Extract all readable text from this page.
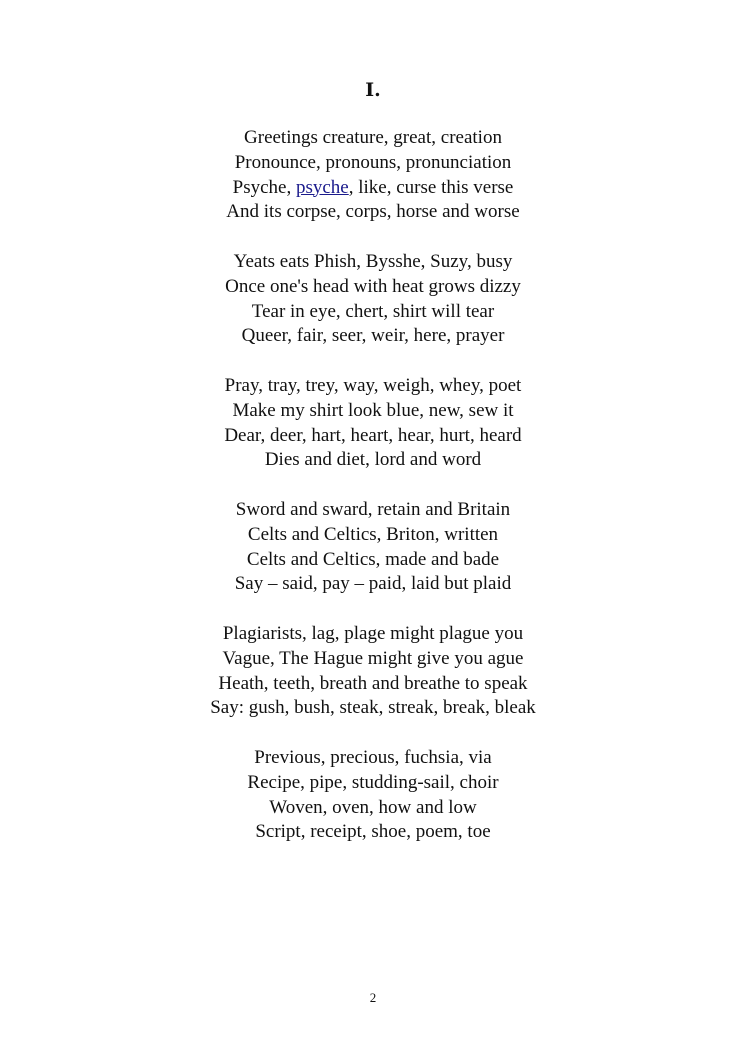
I.
Greetings creature, great, creation
Pronounce, pronouns, pronunciation
Psyche, psyche, like, curse this verse
And its corpse, corps, horse and worse
Yeats eats Phish, Bysshe, Suzy, busy
Once one's head with heat grows dizzy
Tear in eye, chert, shirt will tear
Queer, fair, seer, weir, here, prayer
Pray, tray, trey, way, weigh, whey, poet
Make my shirt look blue, new, sew it
Dear, deer, hart, heart, hear, hurt, heard
Dies and diet, lord and word
Sword and sward, retain and Britain
Celts and Celtics, Briton, written
Celts and Celtics, made and bade
Say – said, pay – paid, laid but plaid
Plagiarists, lag, plage might plague you
Vague, The Hague might give you ague
Heath, teeth, breath and breathe to speak
Say: gush, bush, steak, streak, break, bleak
Previous, precious, fuchsia, via
Recipe, pipe, studding-sail, choir
Woven, oven, how and low
Script, receipt, shoe, poem, toe
2
